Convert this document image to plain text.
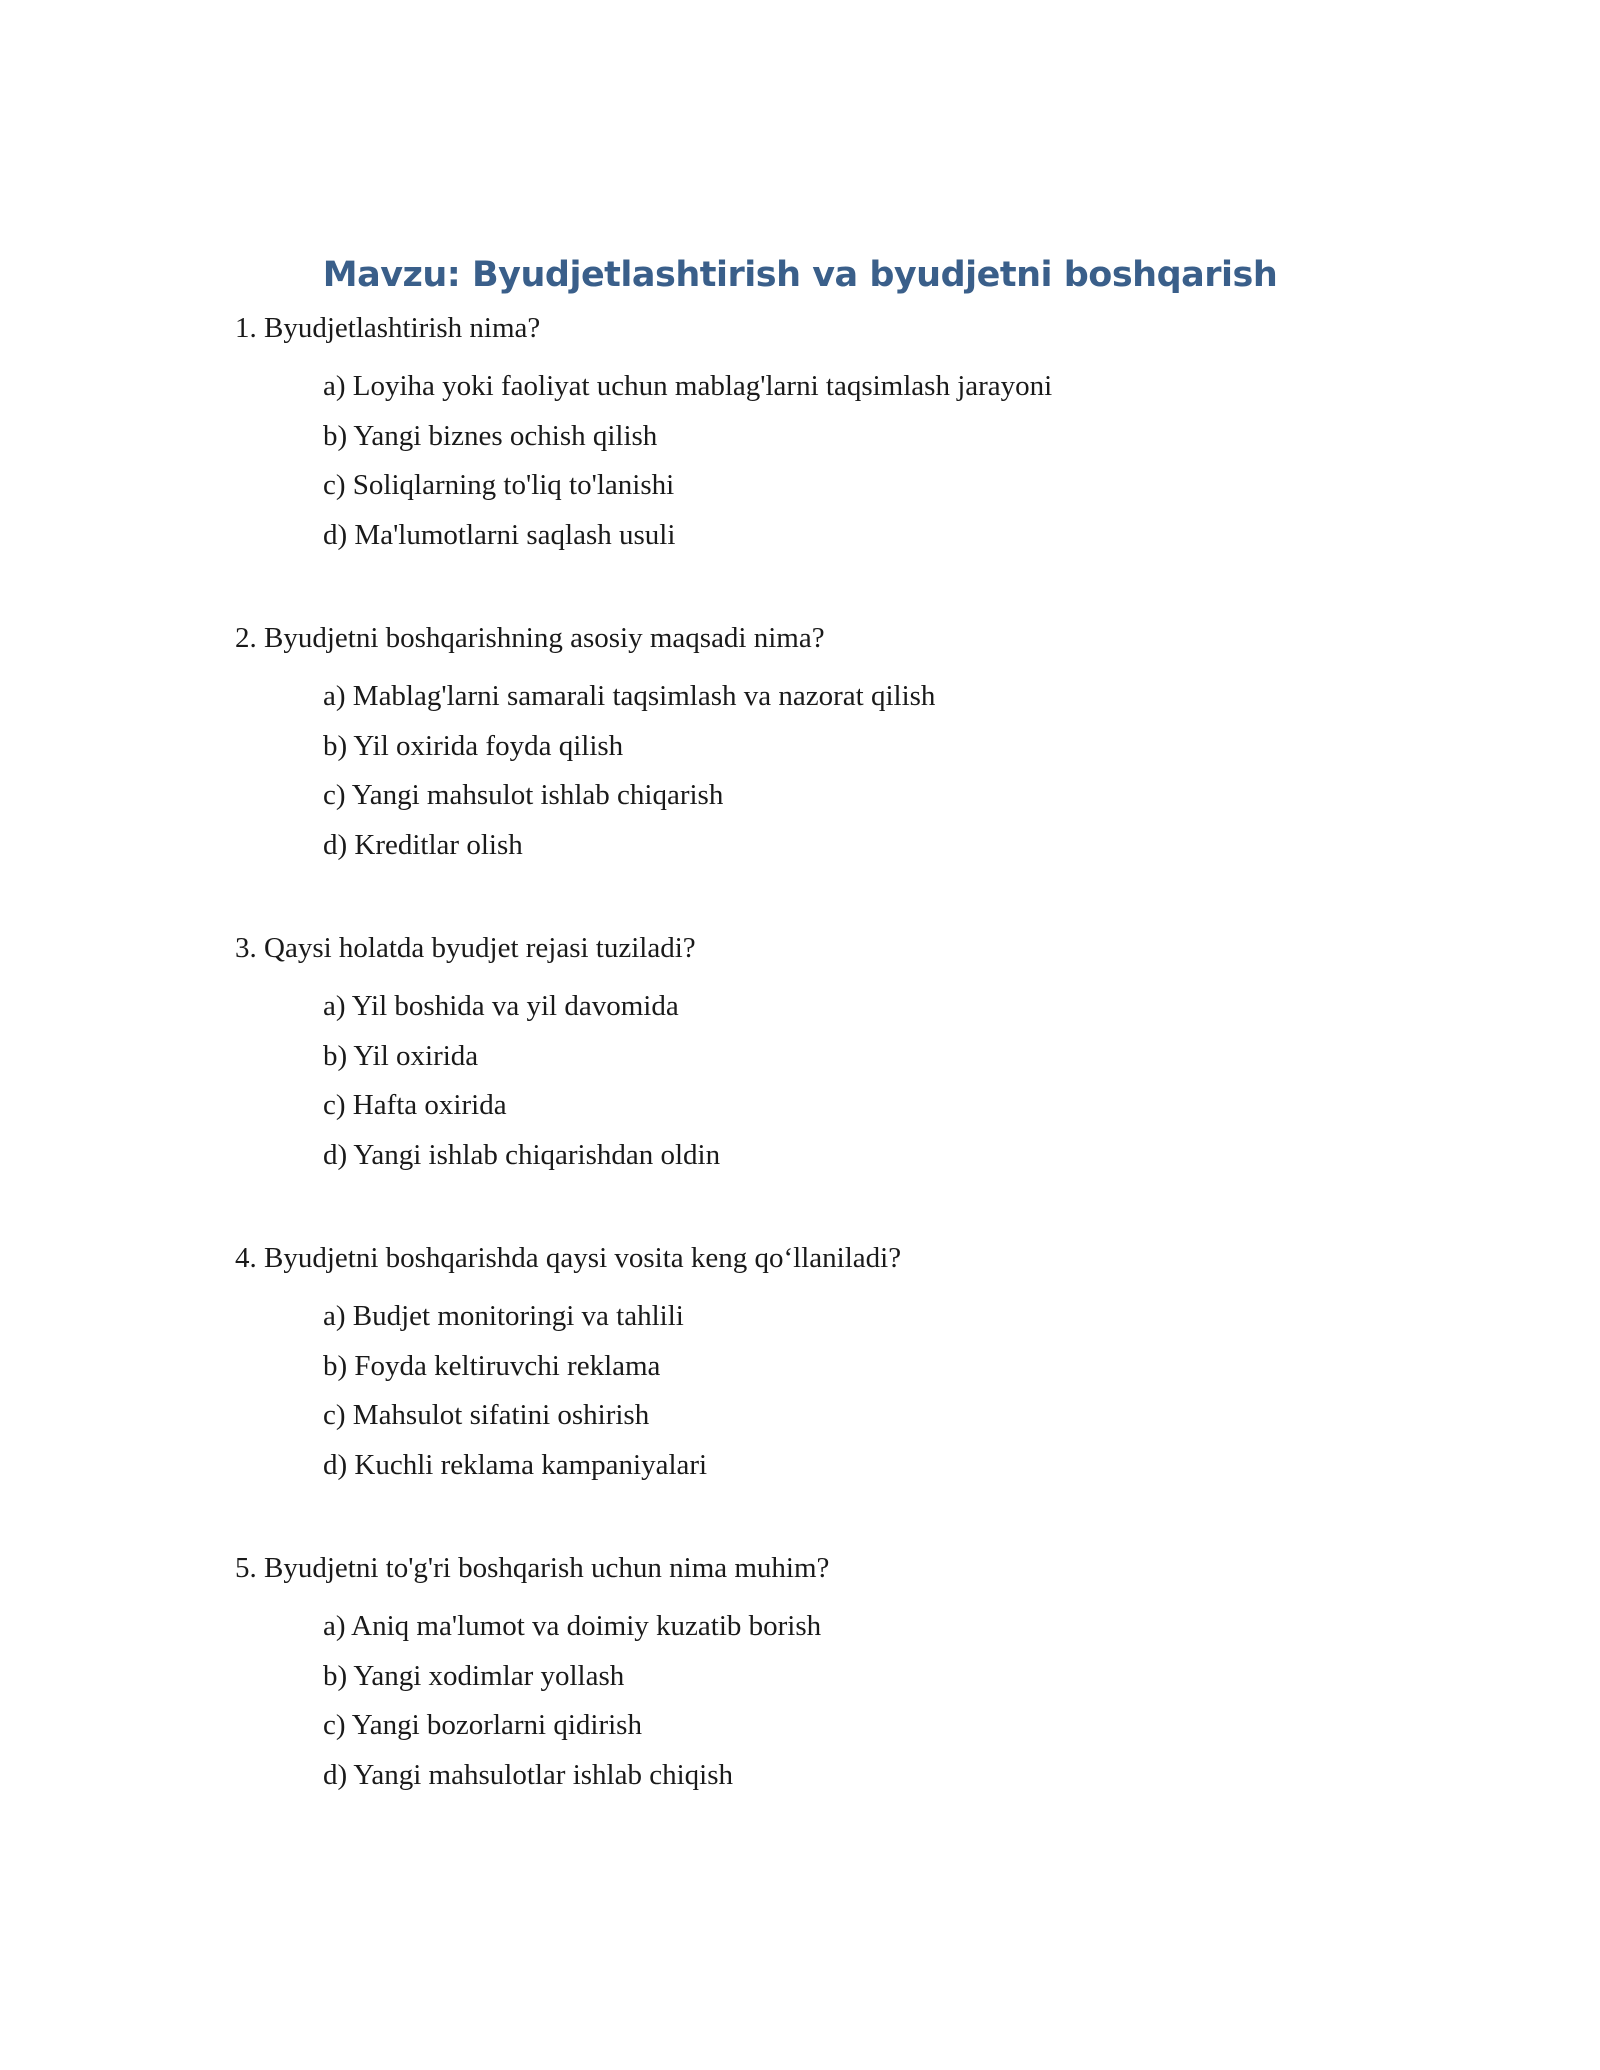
Mavzu: Byudjetlashtirish va byudjetni boshqarish

1. Byudjetlashtirish nima?

a) Loyiha yoki faoliyat uchun mablag'larni taqsimlash jarayoni
b) Yangi biznes ochish qilish
c) Soliqlarning to'liq to'lanishi
d) Ma'lumotlarni saqlash usuli

2. Byudjetni boshqarishning asosiy maqsadi nima?

a) Mablag'larni samarali taqsimlash va nazorat qilish
b) Yil oxirida foyda qilish
c) Yangi mahsulot ishlab chiqarish
d) Kreditlar olish

3. Qaysi holatda byudjet rejasi tuziladi?

a) Yil boshida va yil davomida
b) Yil oxirida
c) Hafta oxirida
d) Yangi ishlab chiqarishdan oldin

4. Byudjetni boshqarishda qaysi vosita keng qo‘llaniladi?

a) Budjet monitoringi va tahlili
b) Foyda keltiruvchi reklama
c) Mahsulot sifatini oshirish
d) Kuchli reklama kampaniyalari

5. Byudjetni to'g'ri boshqarish uchun nima muhim?

a) Aniq ma'lumot va doimiy kuzatib borish
b) Yangi xodimlar yollash
c) Yangi bozorlarni qidirish
d) Yangi mahsulotlar ishlab chiqish
